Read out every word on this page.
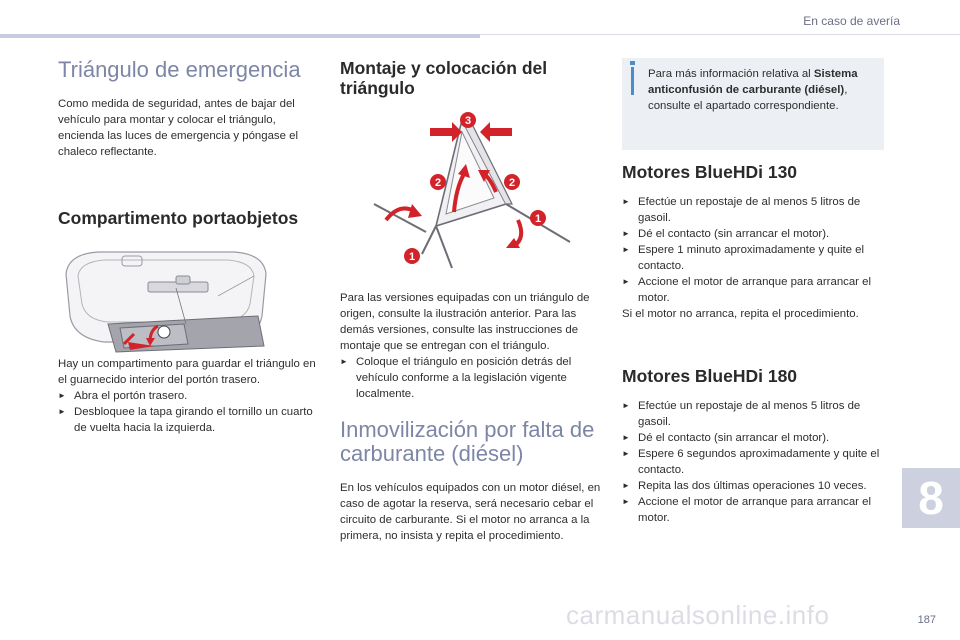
En caso de avería
Triángulo de emergencia

Como medida de seguridad, antes de bajar del vehículo para montar y colocar el triángulo, encienda las luces de emergencia y póngase el chaleco reflectante.

Compartimento portaobjetos

Hay un compartimento para guardar el triángulo en el guarnecido interior del portón trasero.

► Abra el portón trasero.
► Desbloquee la tapa girando el tornillo un cuarto de vuelta hacia la izquierda.
Montaje y colocación del triángulo
3
2	2
1
1

Para las versiones equipadas con un triángulo de origen, consulte la ilustración anterior. Para las demás versiones, consulte las instrucciones de montaje que se entregan con el triángulo.

► Coloque el triángulo en posición detrás del vehículo conforme a la legislación vigente localmente.
Inmovilización por falta de carburante (diésel)

En los vehículos equipados con un motor diésel, en caso de agotar la reserva, será necesario cebar el circuito de carburante. Si el motor no arranca a la primera, no insista y repita el procedimiento.

Para más información relativa al Sistema anticonfusión de carburante (diésel), consulte el apartado correspondiente.
Motores BlueHDi 130
► Efectúe un repostaje de al menos 5 litros de gasoil.
► Dé el contacto (sin arrancar el motor).
► Espere 1 minuto aproximadamente y quite el contacto.
► Accione el motor de arranque para arrancar el motor.

Si el motor no arranca, repita el procedimiento.

Motores BlueHDi 180
► Efectúe un repostaje de al menos 5 litros de gasoil.
► Dé el contacto (sin arrancar el motor).
► Espere 6 segundos aproximadamente y quite el contacto.
► Repita las dos últimas operaciones 10 veces.
► Accione el motor de arranque para arrancar el motor.	8
carmanualsonline.info	187
